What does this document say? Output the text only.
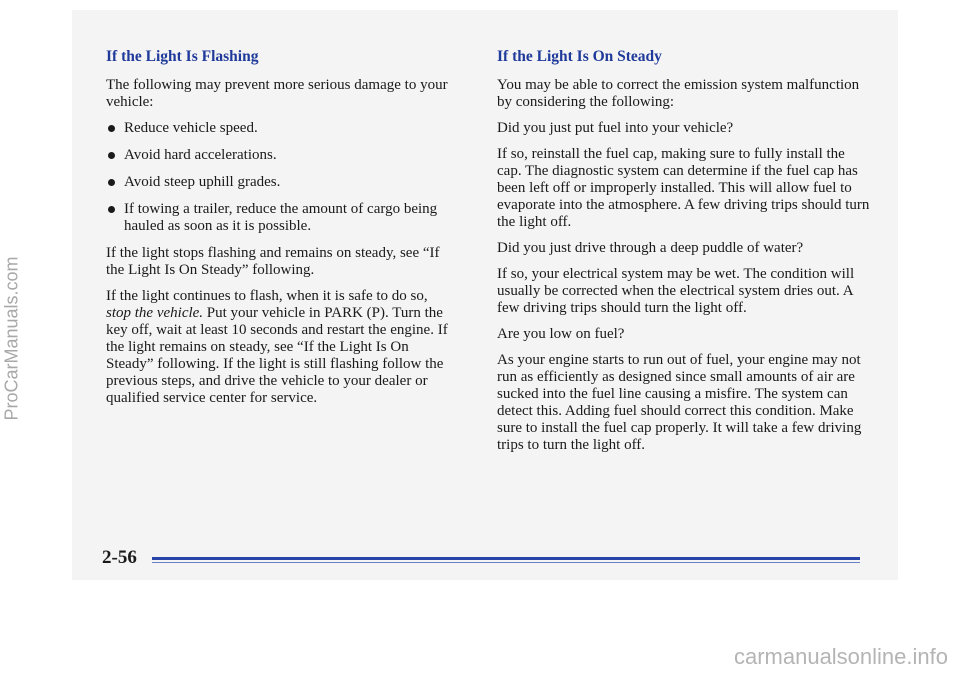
If the Light Is Flashing

The following may prevent more serious damage to your vehicle:

Reduce vehicle speed.
Avoid hard accelerations.
Avoid steep uphill grades.
If towing a trailer, reduce the amount of cargo being hauled as soon as it is possible.

If the light stops flashing and remains on steady, see “If the Light Is On Steady” following.

If the light continues to flash, when it is safe to do so, stop the vehicle. Put your vehicle in PARK (P). Turn the key off, wait at least 10 seconds and restart the engine. If the light remains on steady, see “If the Light Is On Steady” following. If the light is still flashing follow the previous steps, and drive the vehicle to your dealer or qualified service center for service.

If the Light Is On Steady

You may be able to correct the emission system malfunction by considering the following:

Did you just put fuel into your vehicle?

If so, reinstall the fuel cap, making sure to fully install the cap. The diagnostic system can determine if the fuel cap has been left off or improperly installed. This will allow fuel to evaporate into the atmosphere. A few driving trips should turn the light off.

Did you just drive through a deep puddle of water?

If so, your electrical system may be wet. The condition will usually be corrected when the electrical system dries out. A few driving trips should turn the light off.

Are you low on fuel?

As your engine starts to run out of fuel, your engine may not run as efficiently as designed since small amounts of air are sucked into the fuel line causing a misfire. The system can detect this. Adding fuel should correct this condition. Make sure to install the fuel cap properly. It will take a few driving trips to turn the light off.

2-56
ProCarManuals.com
carmanualsonline.info
